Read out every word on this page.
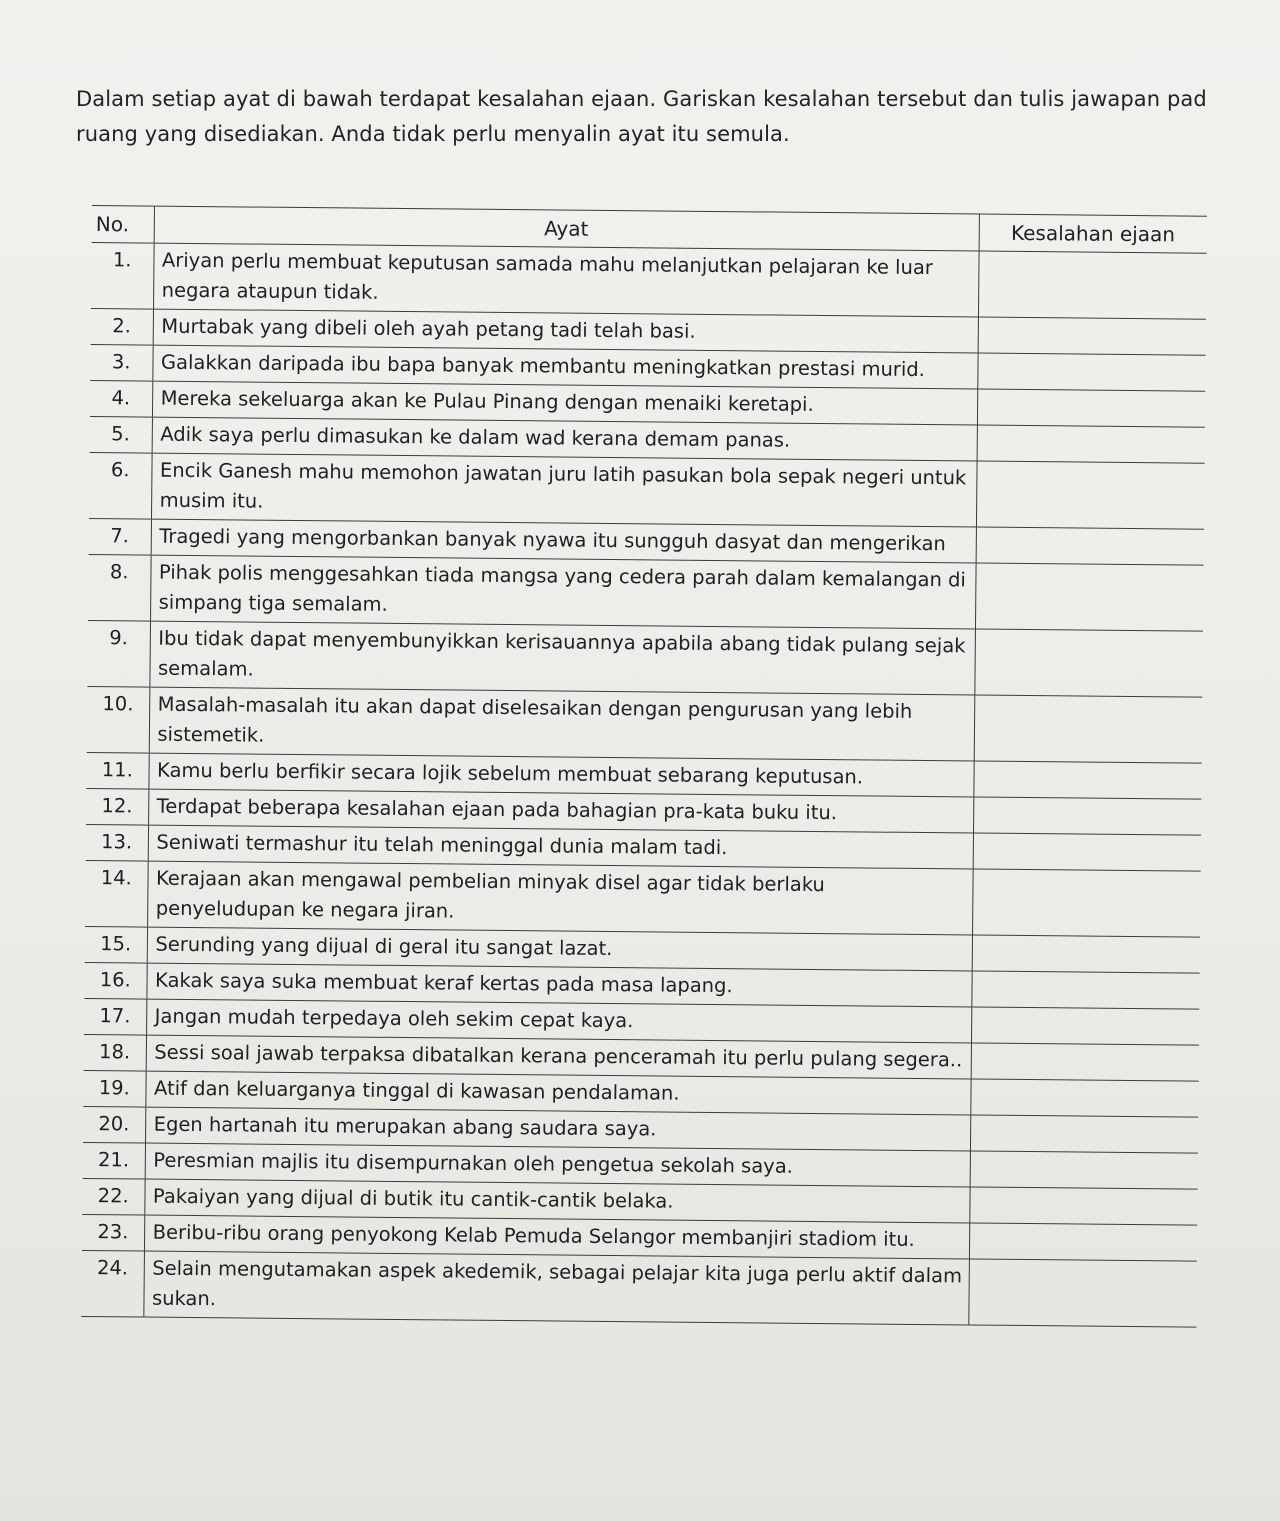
Dalam setiap ayat di bawah terdapat kesalahan ejaan. Gariskan kesalahan tersebut dan tulis jawapan pad
ruang yang disediakan. Anda tidak perlu menyalin ayat itu semula.
No.	Ayat	Kesalahan ejaan
1.	Ariyan perlu membuat keputusan samada mahu melanjutkan pelajaran ke luar negara ataupun tidak.	
2.	Murtabak yang dibeli oleh ayah petang tadi telah basi.	
3.	Galakkan daripada ibu bapa banyak membantu meningkatkan prestasi murid.	
4.	Mereka sekeluarga akan ke Pulau Pinang dengan menaiki keretapi.	
5.	Adik saya perlu dimasukan ke dalam wad kerana demam panas.	
6.	Encik Ganesh mahu memohon jawatan juru latih pasukan bola sepak negeri untuk musim itu.	
7.	Tragedi yang mengorbankan banyak nyawa itu sungguh dasyat dan mengerikan	
8.	Pihak polis menggesahkan tiada mangsa yang cedera parah dalam kemalangan di simpang tiga semalam.	
9.	Ibu tidak dapat menyembunyikkan kerisauannya apabila abang tidak pulang sejak semalam.	
10.	Masalah-masalah itu akan dapat diselesaikan dengan pengurusan yang lebih sistemetik.	
11.	Kamu berlu berfikir secara lojik sebelum membuat sebarang keputusan.	
12.	Terdapat beberapa kesalahan ejaan pada bahagian pra-kata buku itu.	
13.	Seniwati termashur itu telah meninggal dunia malam tadi.	
14.	Kerajaan akan mengawal pembelian minyak disel agar tidak berlaku penyeludupan ke negara jiran.	
15.	Serunding yang dijual di geral itu sangat lazat.	
16.	Kakak saya suka membuat keraf kertas pada masa lapang.	
17.	Jangan mudah terpedaya oleh sekim cepat kaya.	
18.	Sessi soal jawab terpaksa dibatalkan kerana penceramah itu perlu pulang segera..	
19.	Atif dan keluarganya tinggal di kawasan pendalaman.	
20.	Egen hartanah itu merupakan abang saudara saya.	
21.	Peresmian majlis itu disempurnakan oleh pengetua sekolah saya.	
22.	Pakaiyan yang dijual di butik itu cantik-cantik belaka.	
23.	Beribu-ribu orang penyokong Kelab Pemuda Selangor membanjiri stadiom itu.	
24.	Selain mengutamakan aspek akedemik, sebagai pelajar kita juga perlu aktif dalam sukan.	
